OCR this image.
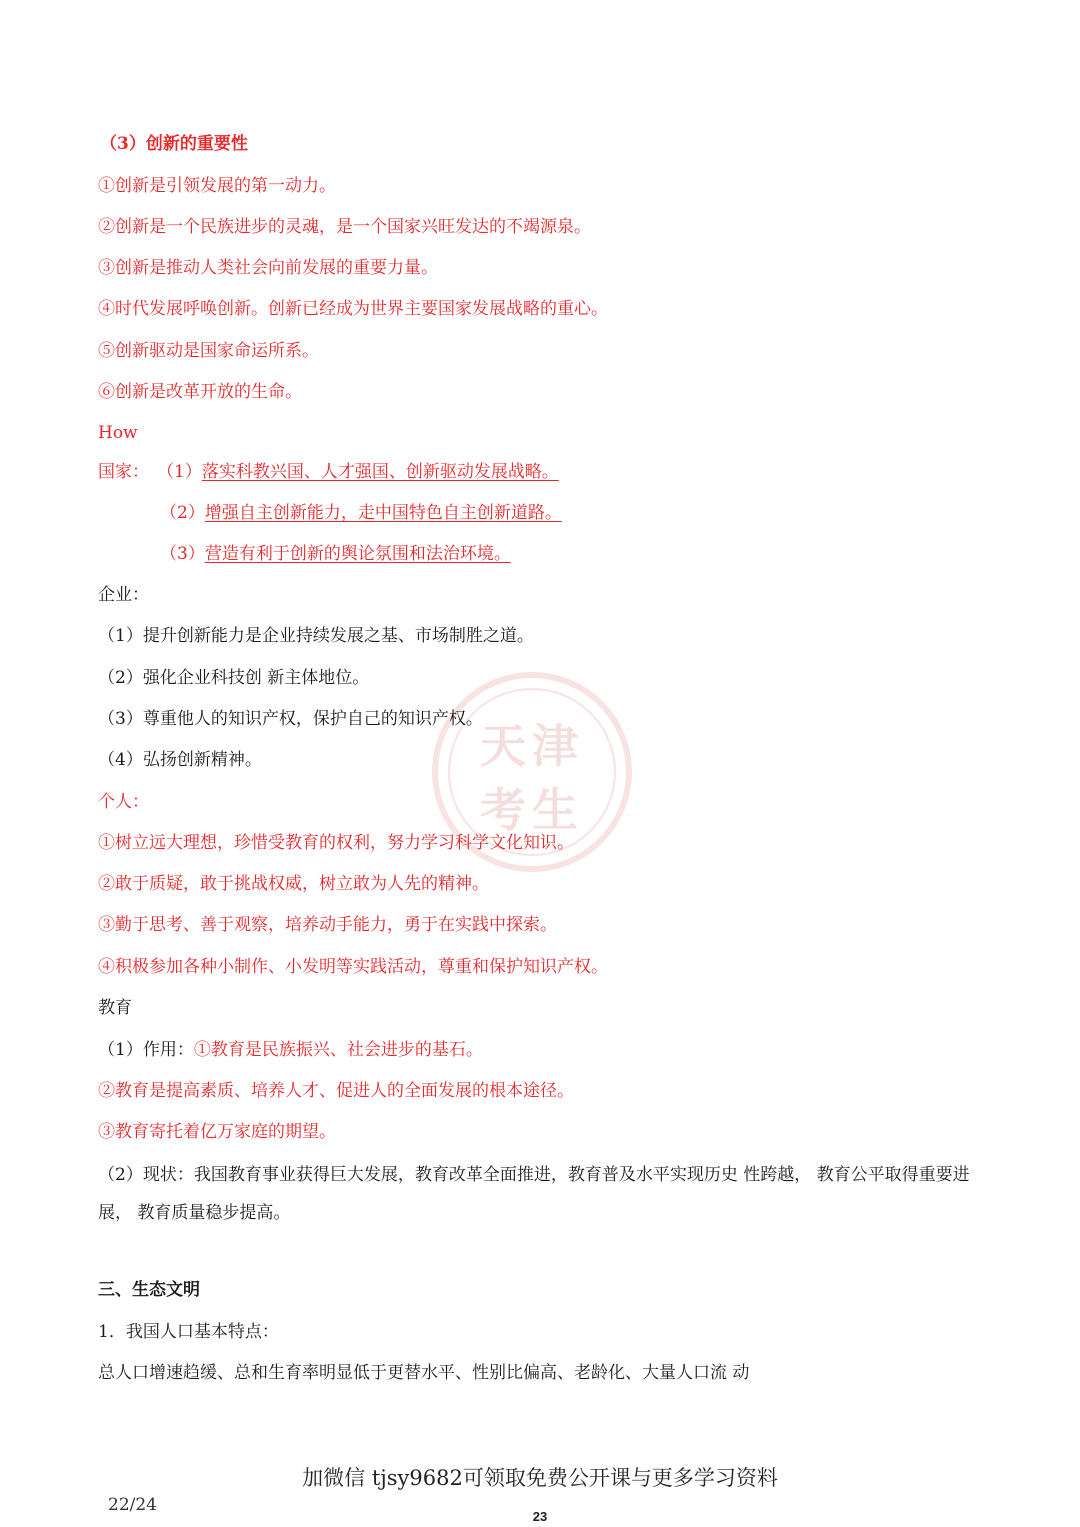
天津
考生
（3）创新的重要性
①创新是引领发展的第一动力。
②创新是一个民族进步的灵魂，是一个国家兴旺发达的不竭源泉。
③创新是推动人类社会向前发展的重要力量。
④时代发展呼唤创新。创新已经成为世界主要国家发展战略的重心。
⑤创新驱动是国家命运所系。
⑥创新是改革开放的生命。
How
国家： （1）落实科教兴国、人才强国、创新驱动发展战略。
（2）增强自主创新能力，走中国特色自主创新道路。
（3）营造有利于创新的舆论氛围和法治环境。
企业：
（1）提升创新能力是企业持续发展之基、市场制胜之道。
（2）强化企业科技创 新主体地位。
（3）尊重他人的知识产权，保护自己的知识产权。
（4）弘扬创新精神。
个人：
①树立远大理想，珍惜受教育的权利，努力学习科学文化知识。
②敢于质疑，敢于挑战权威，树立敢为人先的精神。
③勤于思考、善于观察，培养动手能力，勇于在实践中探索。
④积极参加各种小制作、小发明等实践活动，尊重和保护知识产权。
教育
（1）作用：①教育是民族振兴、社会进步的基石。
②教育是提高素质、培养人才、促进人的全面发展的根本途径。
③教育寄托着亿万家庭的期望。
（2）现状：我国教育事业获得巨大发展，教育改革全面推进，教育普及水平实现历史 性跨越， 教育公平取得重要进展， 教育质量稳步提高。
三、生态文明
1．我国人口基本特点：
总人口增速趋缓、总和生育率明显低于更替水平、性别比偏高、老龄化、大量人口流 动
加微信 tjsy9682可领取免费公开课与更多学习资料
22/24
23
